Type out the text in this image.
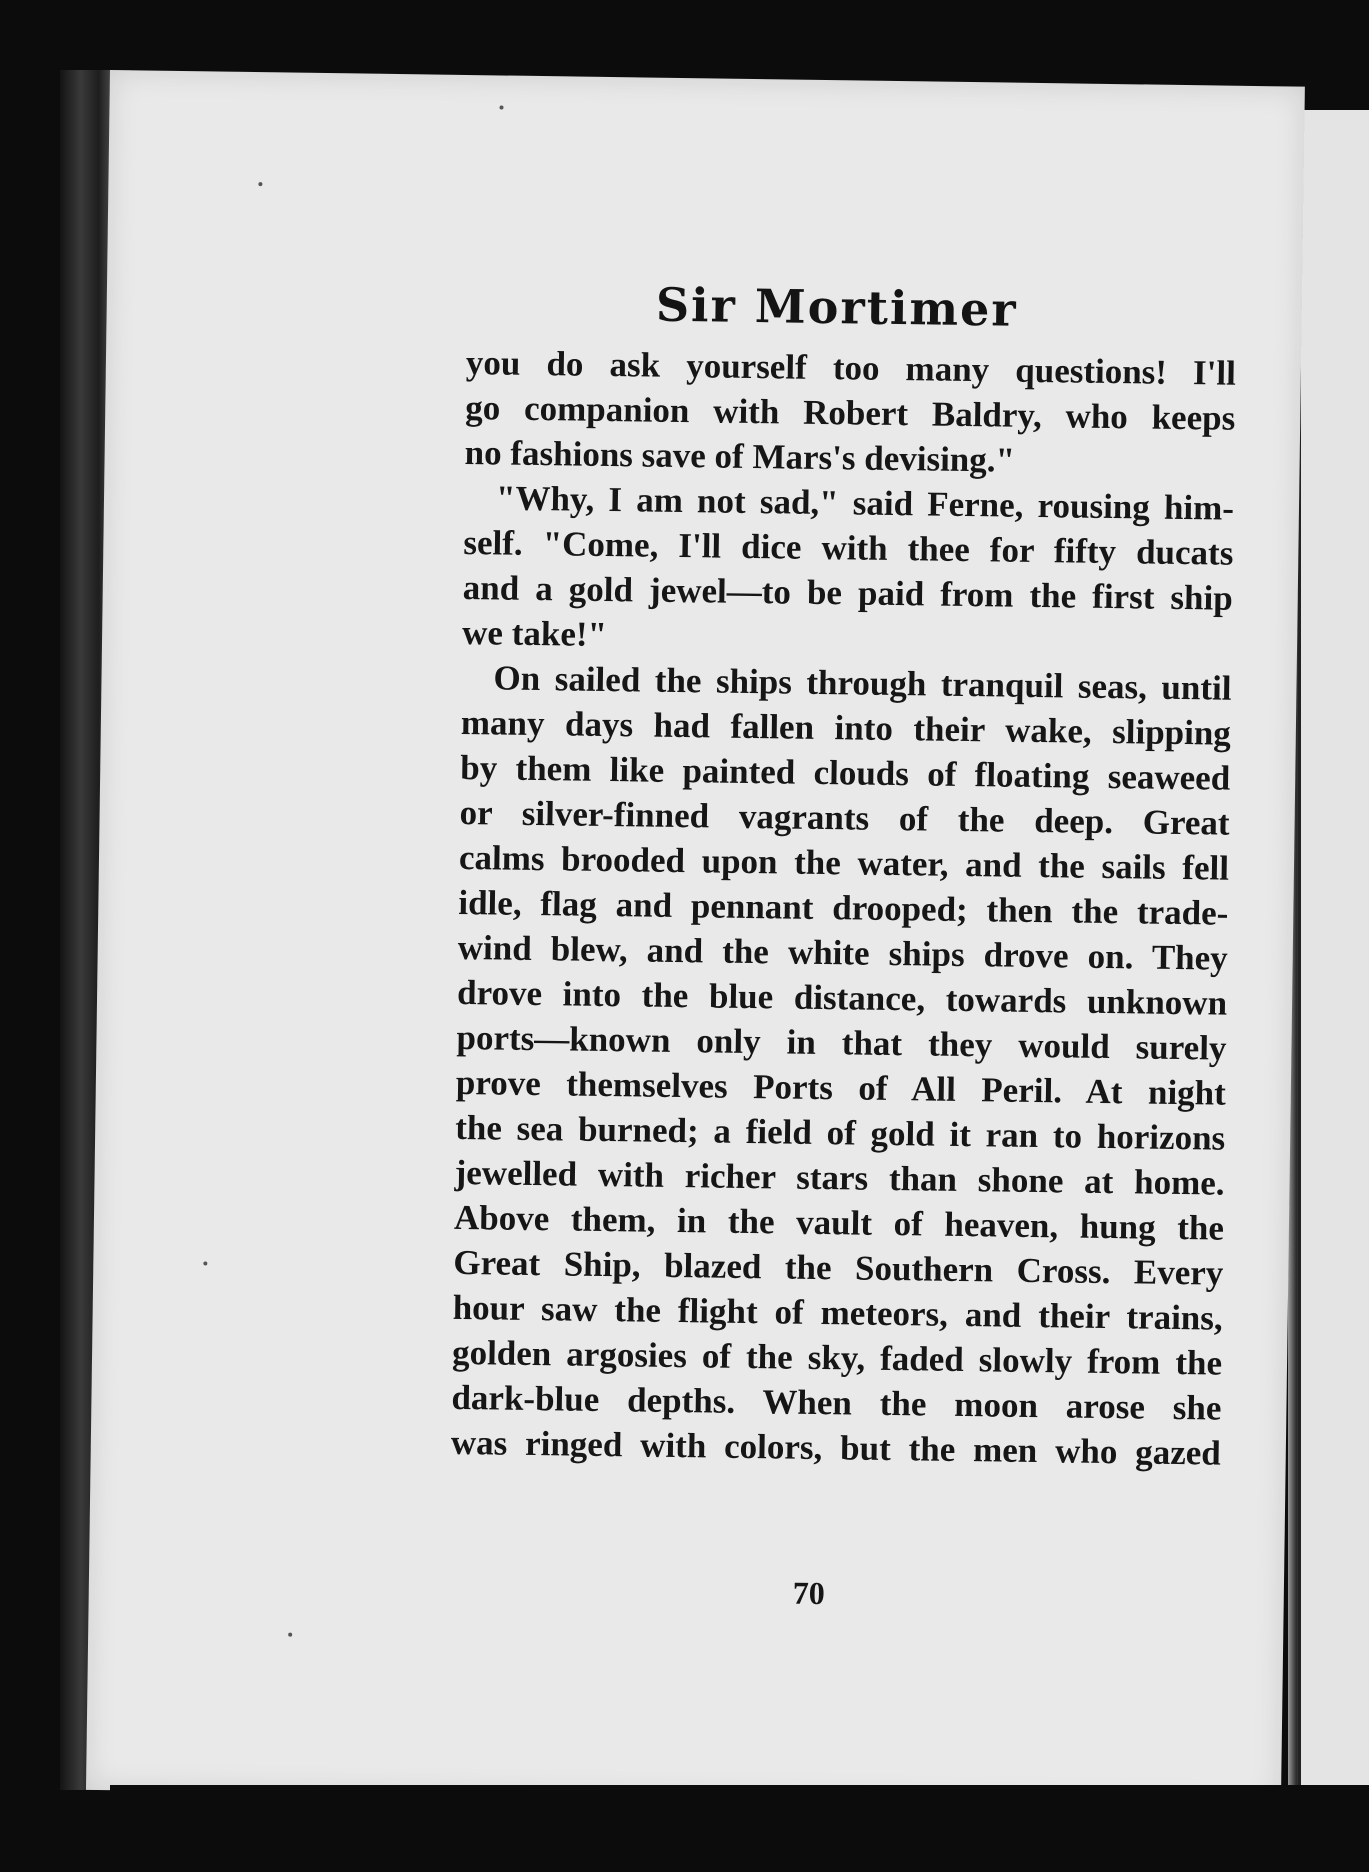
Sir Mortimer
you do ask yourself too many questions! I'll
go companion with Robert Baldry, who keeps
no fashions save of Mars's devising."
"Why, I am not sad," said Ferne, rousing him-
self. "Come, I'll dice with thee for fifty ducats
and a gold jewel—to be paid from the first ship
we take!"
On sailed the ships through tranquil seas, until
many days had fallen into their wake, slipping
by them like painted clouds of floating seaweed
or silver-finned vagrants of the deep. Great
calms brooded upon the water, and the sails fell
idle, flag and pennant drooped; then the trade-
wind blew, and the white ships drove on. They
drove into the blue distance, towards unknown
ports—known only in that they would surely
prove themselves Ports of All Peril. At night
the sea burned; a field of gold it ran to horizons
jewelled with richer stars than shone at home.
Above them, in the vault of heaven, hung the
Great Ship, blazed the Southern Cross. Every
hour saw the flight of meteors, and their trains,
golden argosies of the sky, faded slowly from the
dark-blue depths. When the moon arose she
was ringed with colors, but the men who gazed
70
